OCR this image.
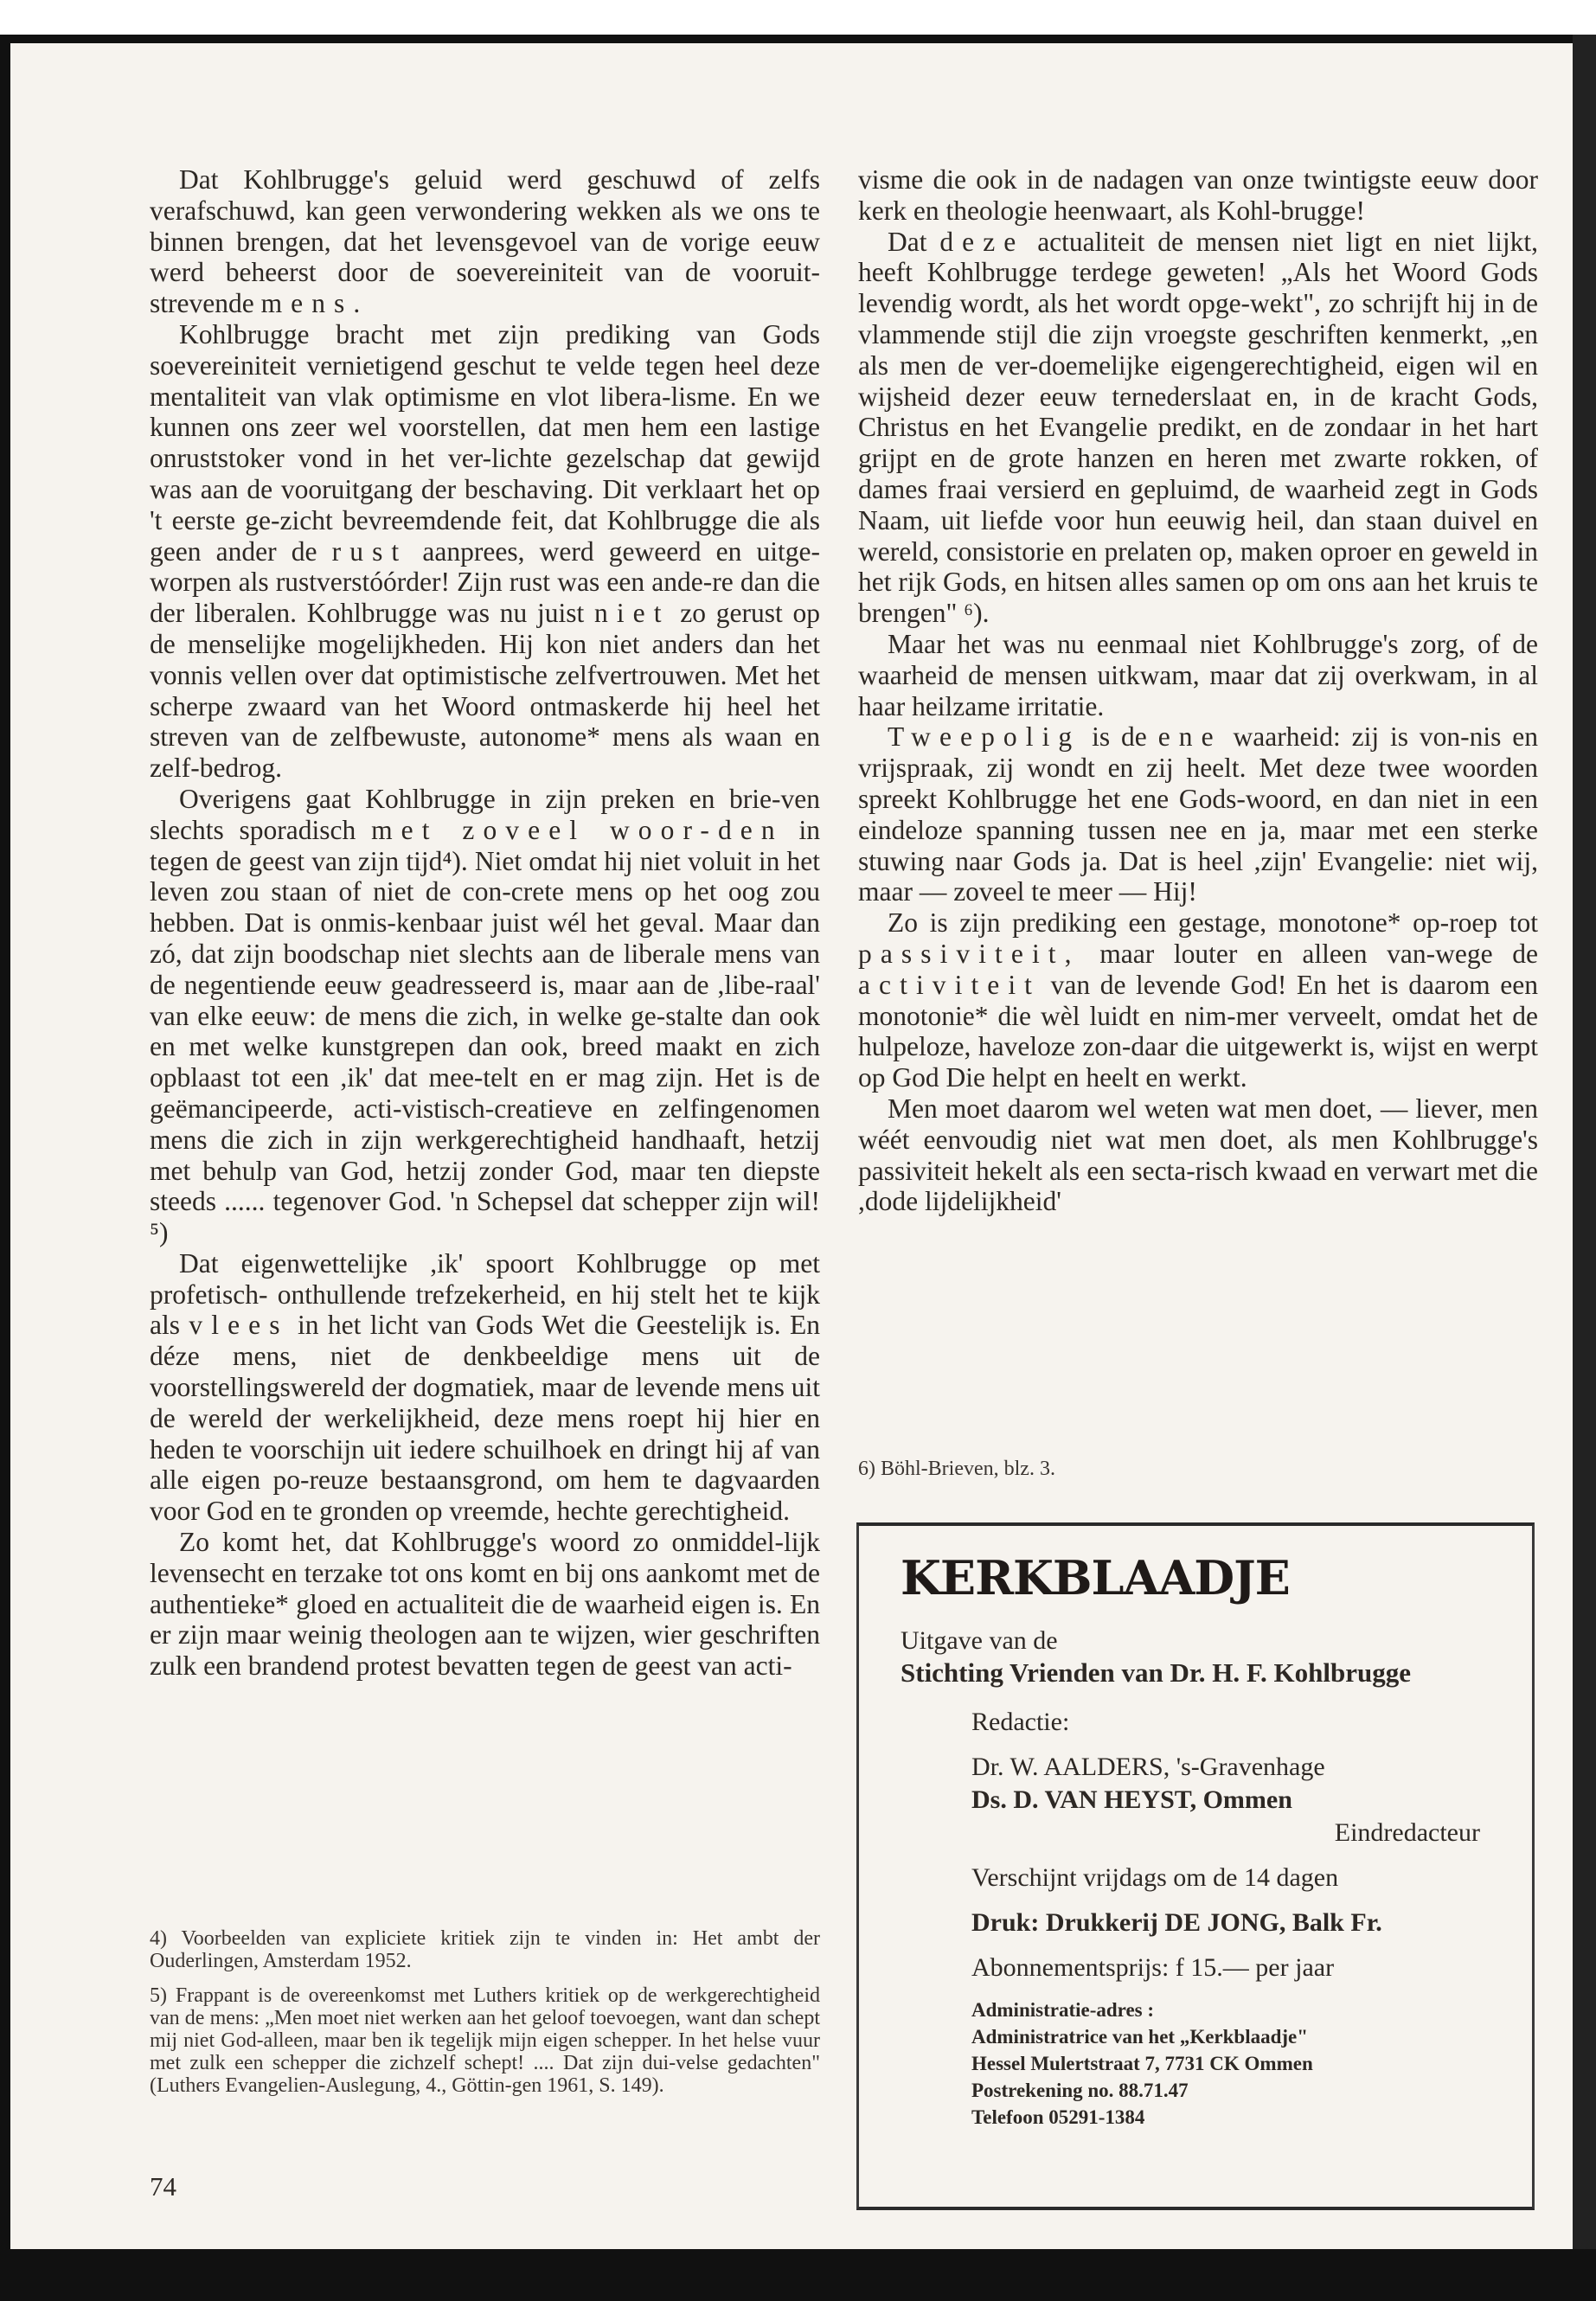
Dat Kohlbrugge's geluid werd geschuwd of zelfs verafschuwd, kan geen verwondering wekken als we ons te binnen brengen, dat het levensgevoel van de vorige eeuw werd beheerst door de soevereiniteit van de vooruit-strevende mens.

Kohlbrugge bracht met zijn prediking van Gods soevereiniteit vernietigend geschut te velde tegen heel deze mentaliteit van vlak optimisme en vlot libera-lisme. En we kunnen ons zeer wel voorstellen, dat men hem een lastige onruststoker vond in het ver-lichte gezelschap dat gewijd was aan de vooruitgang der beschaving. Dit verklaart het op 't eerste ge-zicht bevreemdende feit, dat Kohlbrugge die als geen ander de rust aanprees, werd geweerd en uitge-worpen als rustverstóórder! Zijn rust was een ande-re dan die der liberalen. Kohlbrugge was nu juist niet zo gerust op de menselijke mogelijkheden. Hij kon niet anders dan het vonnis vellen over dat optimistische zelfvertrouwen. Met het scherpe zwaard van het Woord ontmaskerde hij heel het streven van de zelfbewuste, autonome* mens als waan en zelf-bedrog.

Overigens gaat Kohlbrugge in zijn preken en brie-ven slechts sporadisch met zoveel woor-den in tegen de geest van zijn tijd⁴). Niet omdat hij niet voluit in het leven zou staan of niet de con-crete mens op het oog zou hebben. Dat is onmis-kenbaar juist wél het geval. Maar dan zó, dat zijn boodschap niet slechts aan de liberale mens van de negentiende eeuw geadresseerd is, maar aan de ,libe-raal' van elke eeuw: de mens die zich, in welke ge-stalte dan ook en met welke kunstgrepen dan ook, breed maakt en zich opblaast tot een ,ik' dat mee-telt en er mag zijn. Het is de geëmancipeerde, acti-vistisch-creatieve en zelfingenomen mens die zich in zijn werkgerechtigheid handhaaft, hetzij met behulp van God, hetzij zonder God, maar ten diepste steeds ...... tegenover God. 'n Schepsel dat schepper zijn wil! ⁵)

Dat eigenwettelijke ,ik' spoort Kohlbrugge op met profetisch- onthullende trefzekerheid, en hij stelt het te kijk als vlees in het licht van Gods Wet die Geestelijk is. En déze mens, niet de denkbeeldige mens uit de voorstellingswereld der dogmatiek, maar de levende mens uit de wereld der werkelijkheid, deze mens roept hij hier en heden te voorschijn uit iedere schuilhoek en dringt hij af van alle eigen po-reuze bestaansgrond, om hem te dagvaarden voor God en te gronden op vreemde, hechte gerechtigheid.

Zo komt het, dat Kohlbrugge's woord zo onmiddel-lijk levensecht en terzake tot ons komt en bij ons aankomt met de authentieke* gloed en actualiteit die de waarheid eigen is. En er zijn maar weinig theologen aan te wijzen, wier geschriften zulk een brandend protest bevatten tegen de geest van acti-

4) Voorbeelden van expliciete kritiek zijn te vinden in: Het ambt der Ouderlingen, Amsterdam 1952.

5) Frappant is de overeenkomst met Luthers kritiek op de werkgerechtigheid van de mens: „Men moet niet werken aan het geloof toevoegen, want dan schept mij niet God-alleen, maar ben ik tegelijk mijn eigen schepper. In het helse vuur met zulk een schepper die zichzelf schept! .... Dat zijn dui-velse gedachten" (Luthers Evangelien-Auslegung, 4., Göttin-gen 1961, S. 149).

74

visme die ook in de nadagen van onze twintigste eeuw door kerk en theologie heenwaart, als Kohl-brugge!

Dat deze actualiteit de mensen niet ligt en niet lijkt, heeft Kohlbrugge terdege geweten! „Als het Woord Gods levendig wordt, als het wordt opge-wekt", zo schrijft hij in de vlammende stijl die zijn vroegste geschriften kenmerkt, „en als men de ver-doemelijke eigengerechtigheid, eigen wil en wijsheid dezer eeuw ternederslaat en, in de kracht Gods, Christus en het Evangelie predikt, en de zondaar in het hart grijpt en de grote hanzen en heren met zwarte rokken, of dames fraai versierd en gepluimd, de waarheid zegt in Gods Naam, uit liefde voor hun eeuwig heil, dan staan duivel en wereld, consistorie en prelaten op, maken oproer en geweld in het rijk Gods, en hitsen alles samen op om ons aan het kruis te brengen" ⁶).

Maar het was nu eenmaal niet Kohlbrugge's zorg, of de waarheid de mensen uitkwam, maar dat zij overkwam, in al haar heilzame irritatie.

Tweepolig is de ene waarheid: zij is von-nis en vrijspraak, zij wondt en zij heelt. Met deze twee woorden spreekt Kohlbrugge het ene Gods-woord, en dan niet in een eindeloze spanning tussen nee en ja, maar met een sterke stuwing naar Gods ja. Dat is heel ,zijn' Evangelie: niet wij, maar — zoveel te meer — Hij!

Zo is zijn prediking een gestage, monotone* op-roep tot passiviteit, maar louter en alleen van-wege de activiteit van de levende God! En het is daarom een monotonie* die wèl luidt en nim-mer verveelt, omdat het de hulpeloze, haveloze zon-daar die uitgewerkt is, wijst en werpt op God Die helpt en heelt en werkt.

Men moet daarom wel weten wat men doet, — liever, men wéét eenvoudig niet wat men doet, als men Kohlbrugge's passiviteit hekelt als een secta-risch kwaad en verwart met die ,dode lijdelijkheid'

6) Böhl-Brieven, blz. 3.
KERKBLAADJE
Uitgave van de
Stichting Vrienden van Dr. H. F. Kohlbrugge
Redactie:
Dr. W. AALDERS, 's-Gravenhage
Ds. D. VAN HEYST, Ommen
Eindredacteur
Verschijnt vrijdags om de 14 dagen
Druk: Drukkerij DE JONG, Balk Fr.
Abonnementsprijs: f 15.— per jaar
Administratie-adres :
Administratrice van het „Kerkblaadje"
Hessel Mulertstraat 7, 7731 CK Ommen
Postrekening no. 88.71.47
Telefoon 05291-1384
